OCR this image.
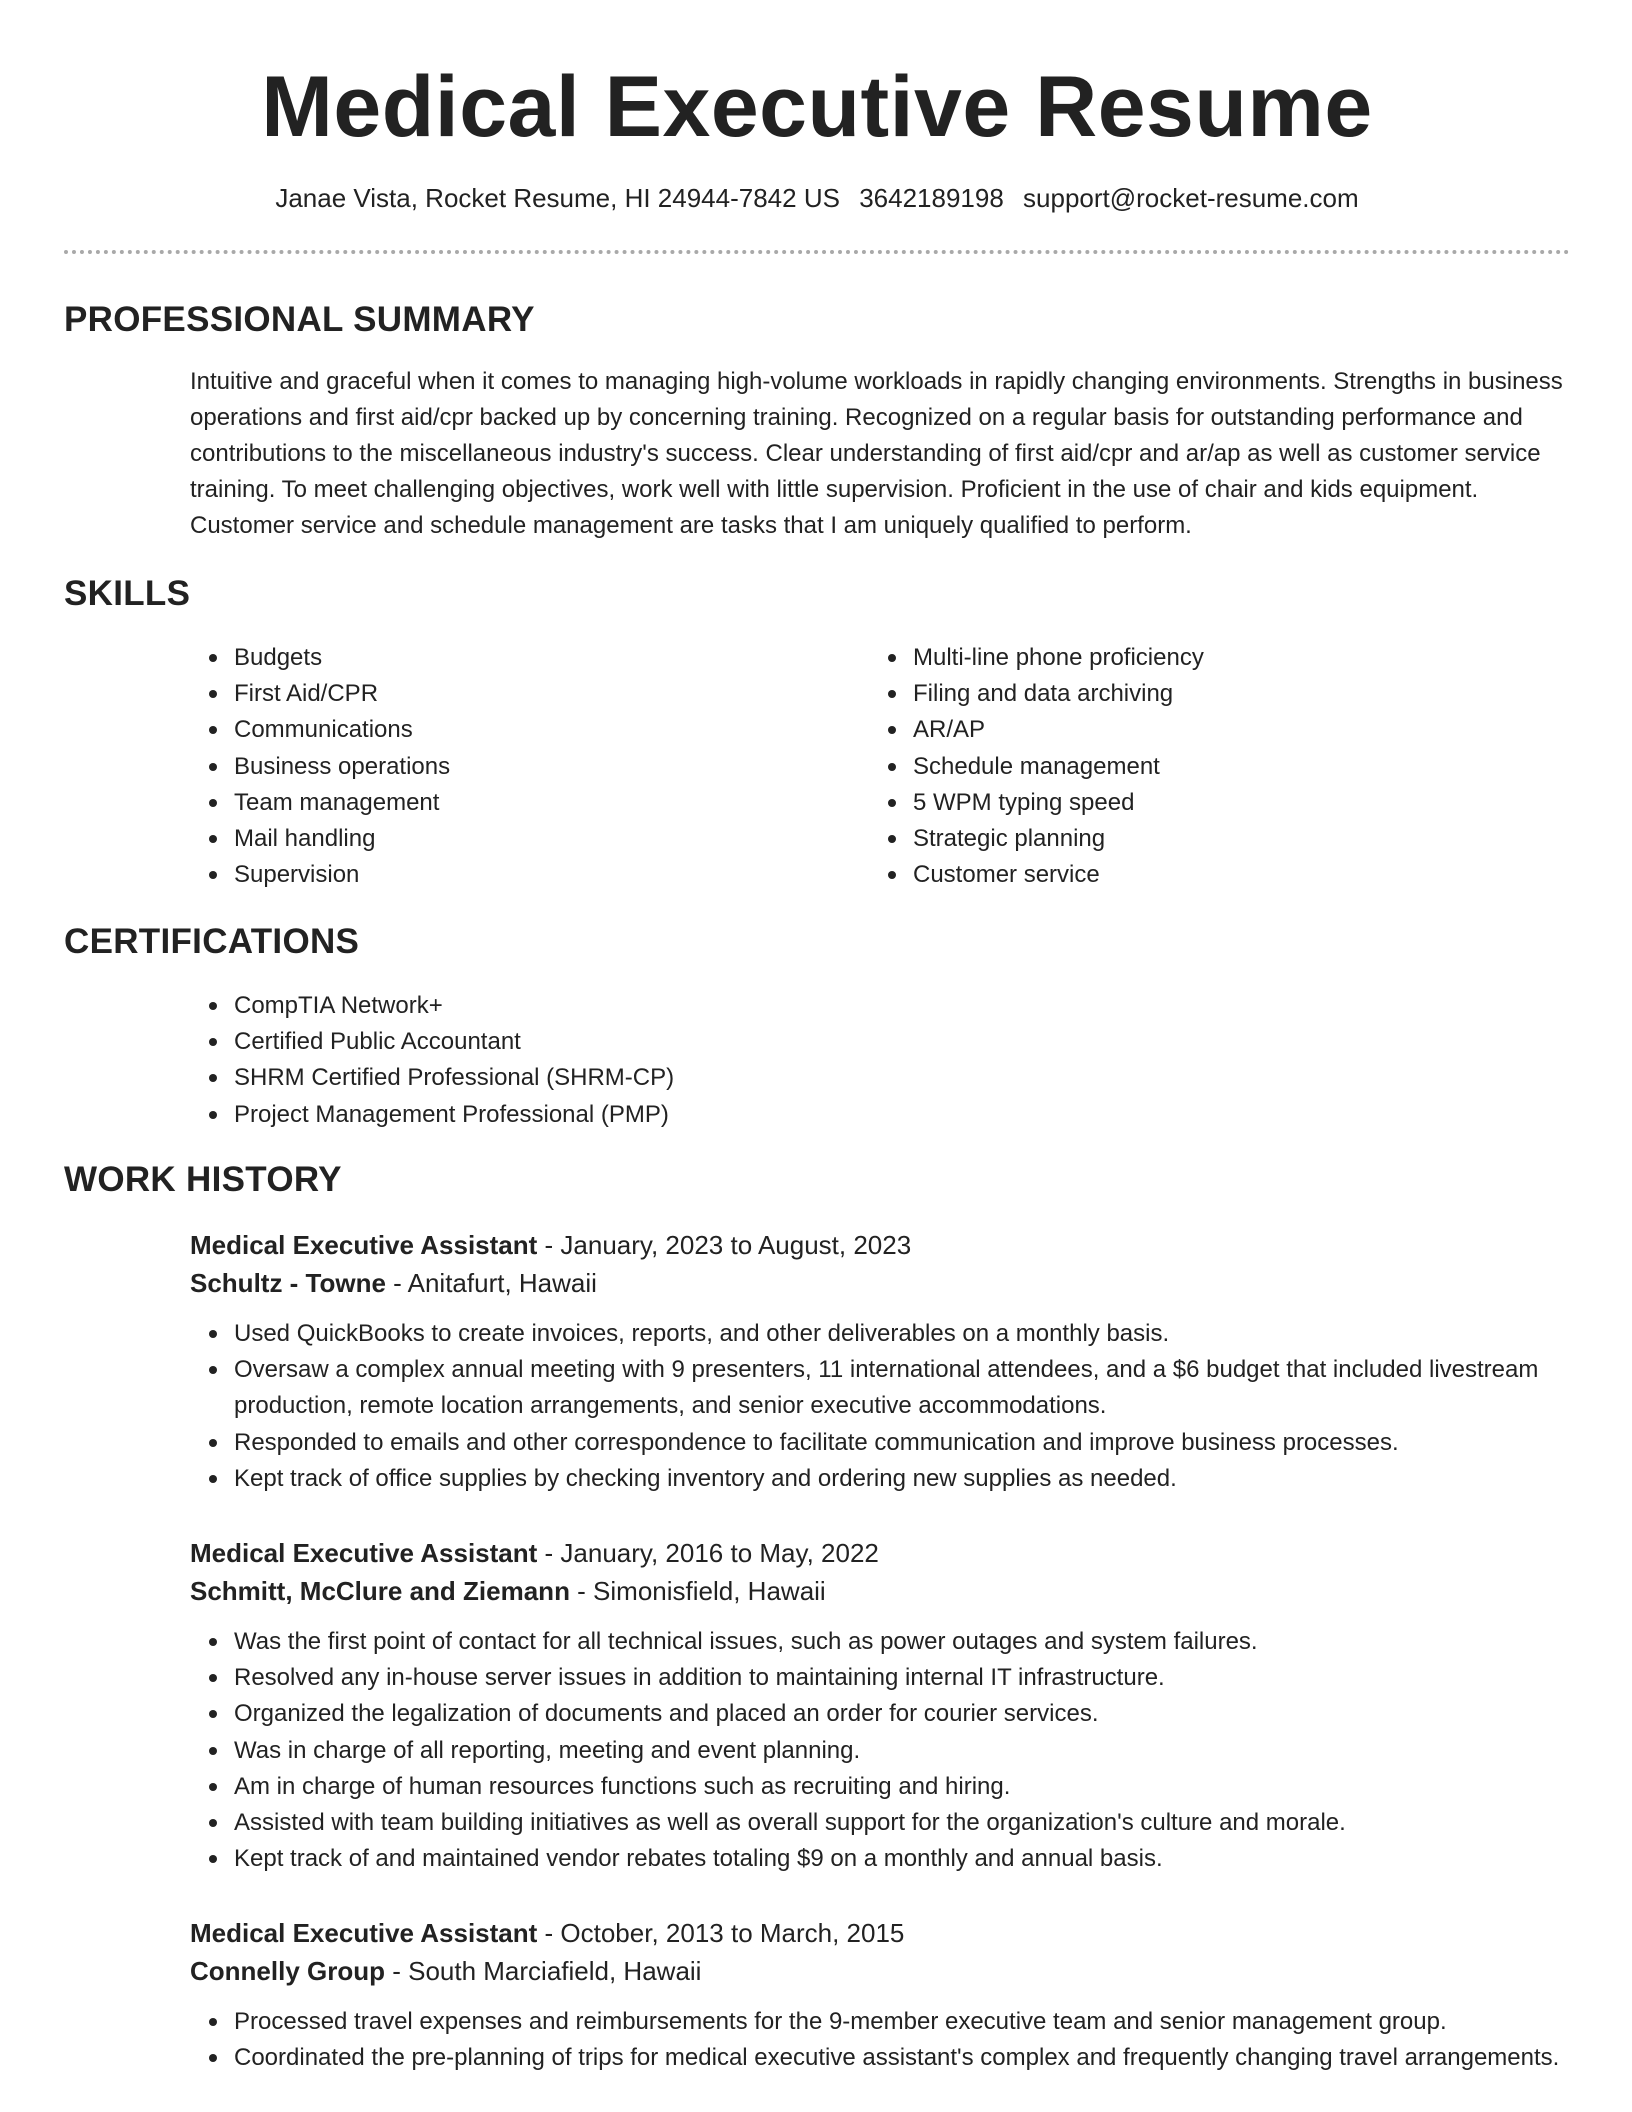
Medical Executive Resume
Janae Vista, Rocket Resume, HI 24944-7842 US 3642189198 support@rocket-resume.com
PROFESSIONAL SUMMARY

Intuitive and graceful when it comes to managing high-volume workloads in rapidly changing environments. Strengths in business operations and first aid/cpr backed up by concerning training. Recognized on a regular basis for outstanding performance and contributions to the miscellaneous industry's success. Clear understanding of first aid/cpr and ar/ap as well as customer service training. To meet challenging objectives, work well with little supervision. Proficient in the use of chair and kids equipment. Customer service and schedule management are tasks that I am uniquely qualified to perform.

SKILLS
Budgets
First Aid/CPR
Communications
Business operations
Team management
Mail handling
Supervision
Multi-line phone proficiency
Filing and data archiving
AR/AP
Schedule management
5 WPM typing speed
Strategic planning
Customer service
CERTIFICATIONS
CompTIA Network+
Certified Public Accountant
SHRM Certified Professional (SHRM-CP)
Project Management Professional (PMP)
WORK HISTORY

Medical Executive Assistant - January, 2023 to August, 2023

Schultz - Towne - Anitafurt, Hawaii

Used QuickBooks to create invoices, reports, and other deliverables on a monthly basis.
Oversaw a complex annual meeting with 9 presenters, 11 international attendees, and a $6 budget that included livestream production, remote location arrangements, and senior executive accommodations.
Responded to emails and other correspondence to facilitate communication and improve business processes.
Kept track of office supplies by checking inventory and ordering new supplies as needed.

Medical Executive Assistant - January, 2016 to May, 2022

Schmitt, McClure and Ziemann - Simonisfield, Hawaii

Was the first point of contact for all technical issues, such as power outages and system failures.
Resolved any in-house server issues in addition to maintaining internal IT infrastructure.
Organized the legalization of documents and placed an order for courier services.
Was in charge of all reporting, meeting and event planning.
Am in charge of human resources functions such as recruiting and hiring.
Assisted with team building initiatives as well as overall support for the organization's culture and morale.
Kept track of and maintained vendor rebates totaling $9 on a monthly and annual basis.

Medical Executive Assistant - October, 2013 to March, 2015

Connelly Group - South Marciafield, Hawaii

Processed travel expenses and reimbursements for the 9-member executive team and senior management group.
Coordinated the pre-planning of trips for medical executive assistant's complex and frequently changing travel arrangements.
